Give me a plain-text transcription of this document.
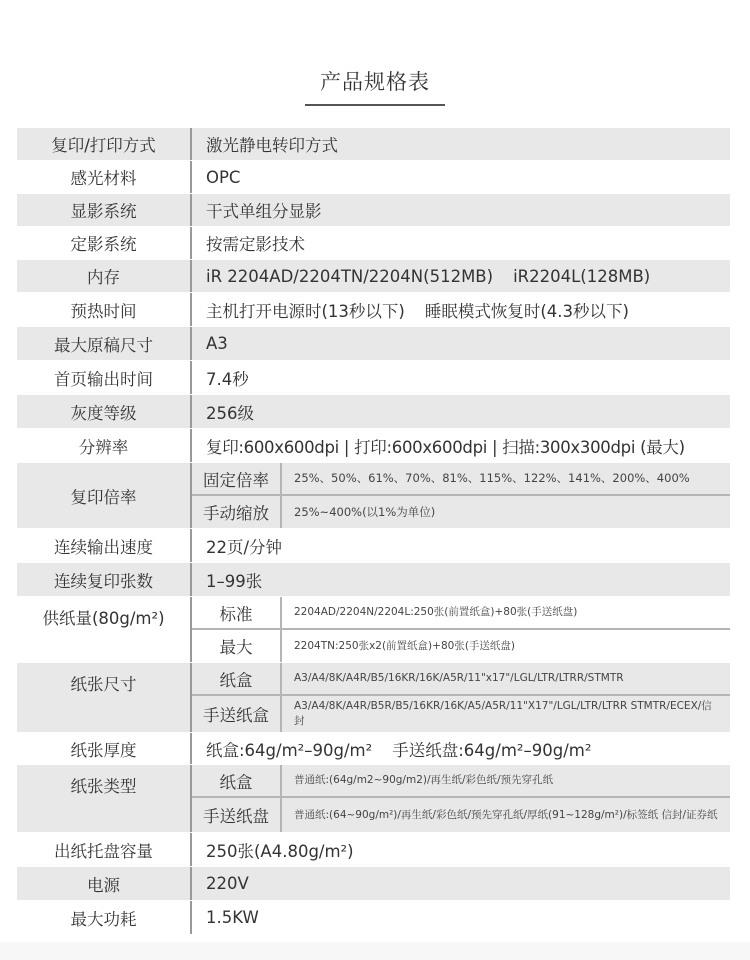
产品规格表
复印/打印方式	激光静电转印方式
感光材料	OPC
显影系统	干式单组分显影
定影系统	按需定影技术
内存	iR 2204AD/2204TN/2204N(512MB) iR2204L(128MB)
预热时间	主机打开电源时(13秒以下) 睡眠模式恢复时(4.3秒以下)
最大原稿尺寸	A3
首页输出时间	7.4秒
灰度等级	256级
分辨率	复印:600x600dpi | 打印:600x600dpi | 扫描:300x300dpi (最大)
复印倍率
固定倍率	25%、50%、61%、70%、81%、115%、122%、141%、200%、400%
手动缩放	25%~400%(以1%为单位)
连续输出速度	22页/分钟
连续复印张数	1–99张
供纸量(80g/m²)	标准	2204AD/2204N/2204L:250张(前置纸盒)+80张(手送纸盘)
最大	2204TN:250张x2(前置纸盒)+80张(手送纸盘)
纸张尺寸	纸盒	A3/A4/8K/A4R/B5/16KR/16K/A5R/11"x17"/LGL/LTR/LTRR/STMTR
手送纸盒	A3/A4/8K/A4R/B5R/B5/16KR/16K/A5/A5R/11"X17"/LGL/LTR/LTRR STMTR/ECEX/信封
纸张厚度	纸盒:64g/m²–90g/m² 手送纸盘:64g/m²–90g/m²
纸张类型	纸盒	普通纸:(64g/m2~90g/m2)/再生纸/彩色纸/预先穿孔纸
手送纸盘	普通纸:(64~90g/m²)/再生纸/彩色纸/预先穿孔纸/厚纸(91~128g/m²)/标签纸 信封/证券纸
出纸托盘容量	250张(A4.80g/m²)
电源	220V
最大功耗	1.5KW
